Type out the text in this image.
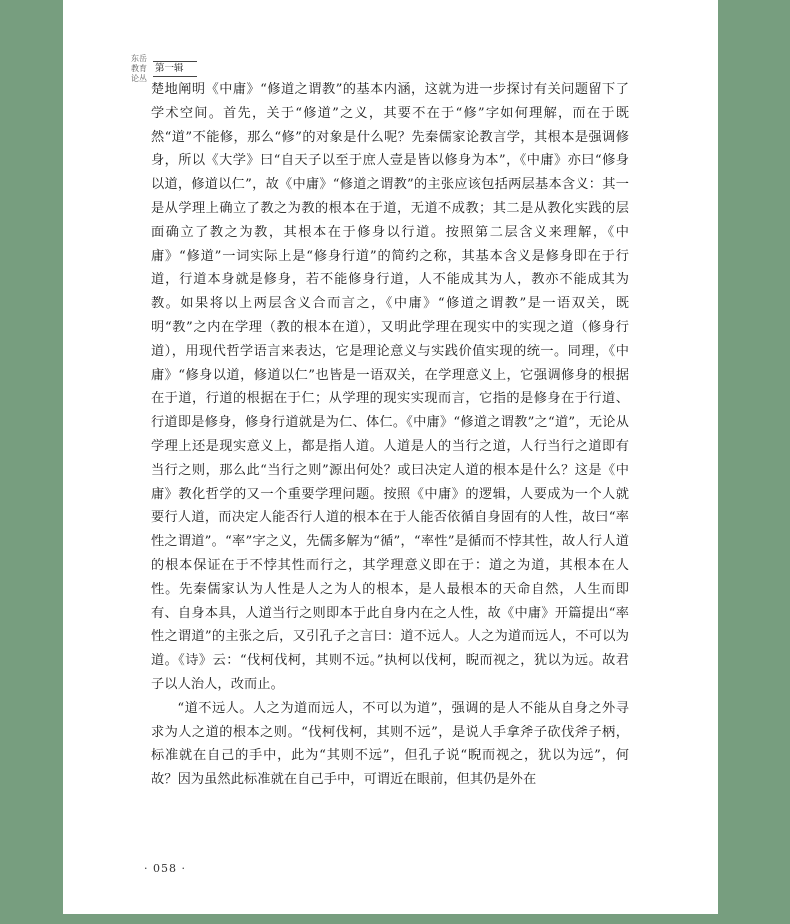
东岳
教育
论丛
第一辑

楚地阐明《中庸》“修道之谓教”的基本内涵，这就为进一步探讨有关问题留下了学术空间。首先，关于“修道”之义，其要不在于“修”字如何理解，而在于既然“道”不能修，那么“修”的对象是什么呢？先秦儒家论教言学，其根本是强调修身，所以《大学》曰“自天子以至于庶人壹是皆以修身为本”，《中庸》亦曰“修身以道，修道以仁”，故《中庸》“修道之谓教”的主张应该包括两层基本含义：其一是从学理上确立了教之为教的根本在于道，无道不成教；其二是从教化实践的层面确立了教之为教，其根本在于修身以行道。按照第二层含义来理解，《中庸》“修道”一词实际上是“修身行道”的简约之称，其基本含义是修身即在于行道，行道本身就是修身，若不能修身行道，人不能成其为人，教亦不能成其为教。如果将以上两层含义合而言之，《中庸》“修道之谓教”是一语双关，既明“教”之内在学理（教的根本在道），又明此学理在现实中的实现之道（修身行道），用现代哲学语言来表达，它是理论意义与实践价值实现的统一。同理，《中庸》“修身以道，修道以仁”也皆是一语双关，在学理意义上，它强调修身的根据在于道，行道的根据在于仁；从学理的现实实现而言，它指的是修身在于行道、行道即是修身，修身行道就是为仁、体仁。《中庸》“修道之谓教”之“道”，无论从学理上还是现实意义上，都是指人道。人道是人的当行之道，人行当行之道即有当行之则，那么此“当行之则”源出何处？或曰决定人道的根本是什么？这是《中庸》教化哲学的又一个重要学理问题。按照《中庸》的逻辑，人要成为一个人就要行人道，而决定人能否行人道的根本在于人能否依循自身固有的人性，故曰“率性之谓道”。“率”字之义，先儒多解为“循”，“率性”是循而不悖其性，故人行人道的根本保证在于不悖其性而行之，其学理意义即在于：道之为道，其根本在人性。先秦儒家认为人性是人之为人的根本，是人最根本的天命自然，人生而即有、自身本具，人道当行之则即本于此自身内在之人性，故《中庸》开篇提出“率性之谓道”的主张之后，又引孔子之言曰：道不远人。人之为道而远人，不可以为道。《诗》云：“伐柯伐柯，其则不远。”执柯以伐柯，睨而视之，犹以为远。故君子以人治人，改而止。

“道不远人。人之为道而远人，不可以为道”，强调的是人不能从自身之外寻求为人之道的根本之则。“伐柯伐柯，其则不远”，是说人手拿斧子砍伐斧子柄，标准就在自己的手中，此为“其则不远”，但孔子说“睨而视之，犹以为远”，何故？因为虽然此标准就在自己手中，可谓近在眼前，但其仍是外在

· 058 ·
